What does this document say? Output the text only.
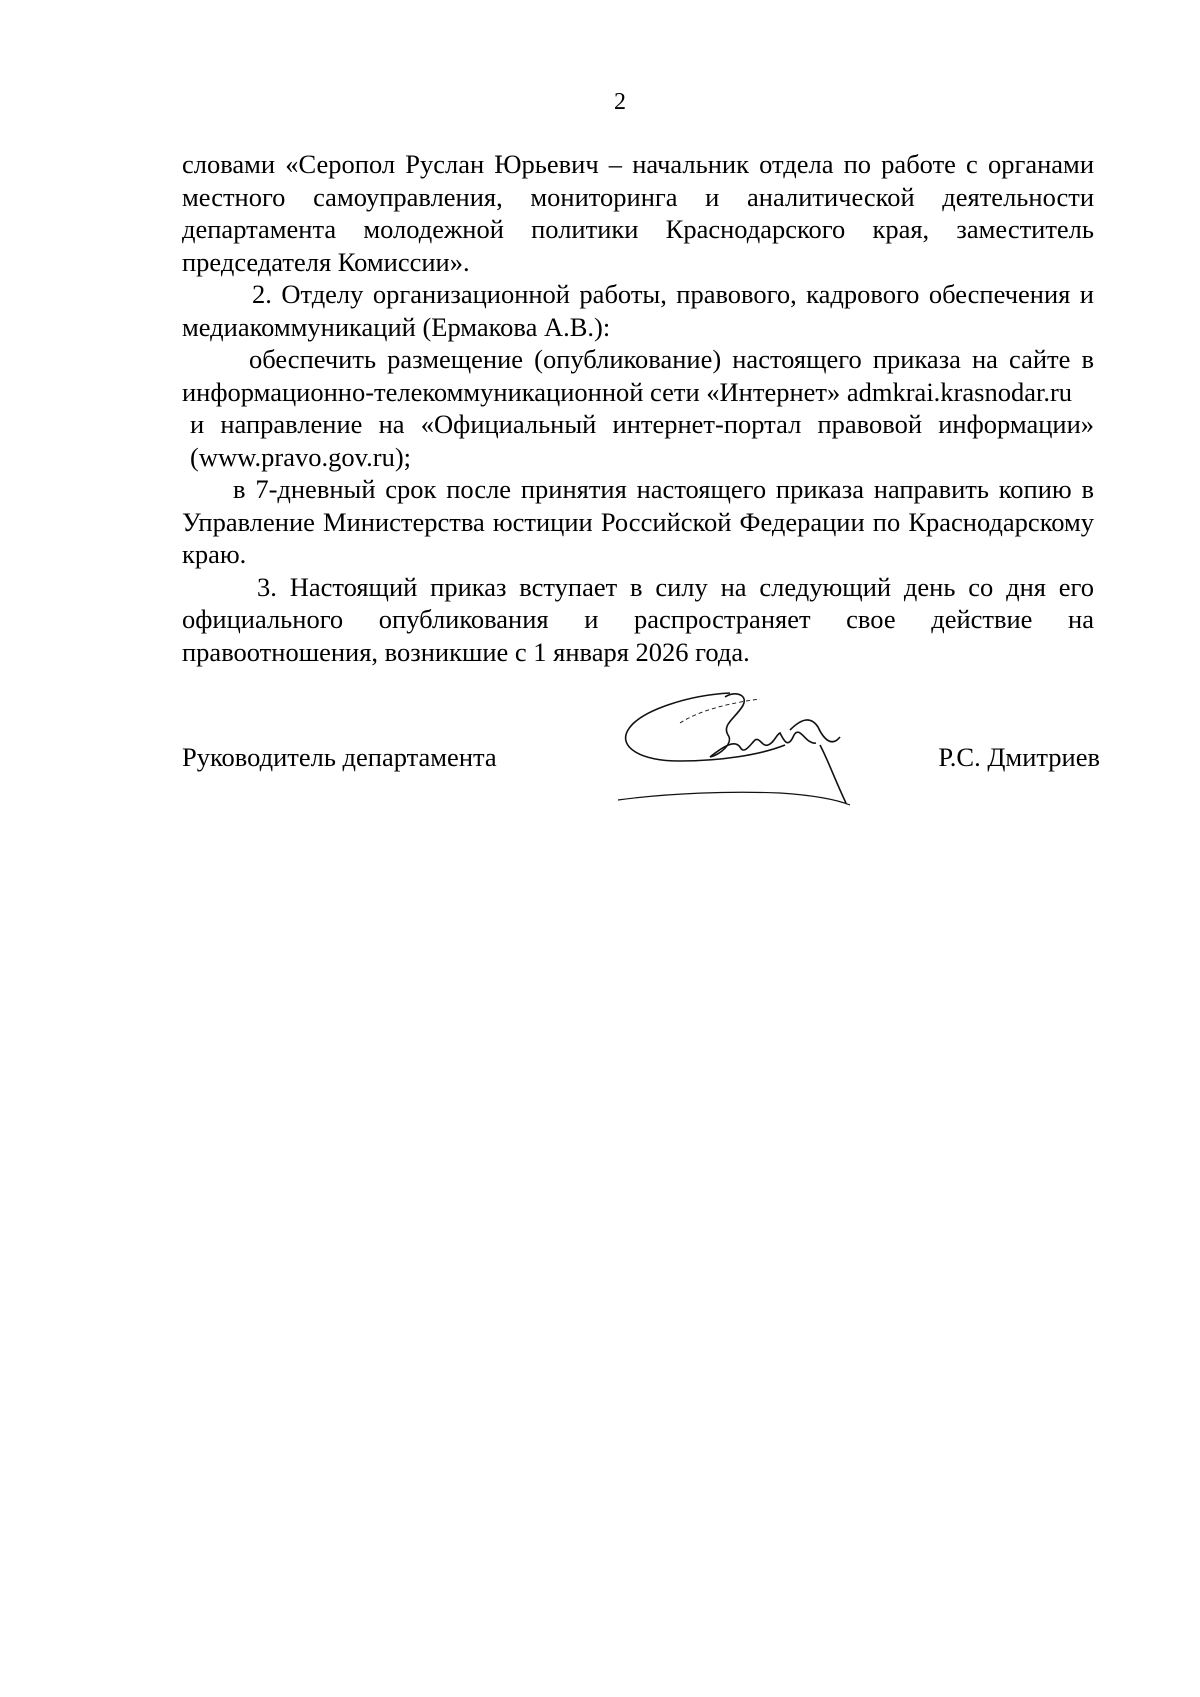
2

словами «Серопол Руслан Юрьевич – начальник отдела по работе с органами местного самоуправления, мониторинга и аналитической деятельности департамента молодежной политики Краснодарского края, заместитель председателя Комиссии».

2. Отделу организационной работы, правового, кадрового обеспечения и медиакоммуникаций (Ермакова А.В.):

обеспечить размещение (опубликование) настоящего приказа на сайте в информационно-телекоммуникационной сети «Интернет» admkrai.krasnodar.ru

и направление на «Официальный интернет-портал правовой информации» (www.pravo.gov.ru);

в 7-дневный срок после принятия настоящего приказа направить копию в Управление Министерства юстиции Российской Федерации по Краснодарскому краю.

3. Настоящий приказ вступает в силу на следующий день со дня его официального опубликования и распространяет свое действие на правоотношения, возникшие с 1 января 2026 года.

Руководитель департамента	Р.С. Дмитриев
